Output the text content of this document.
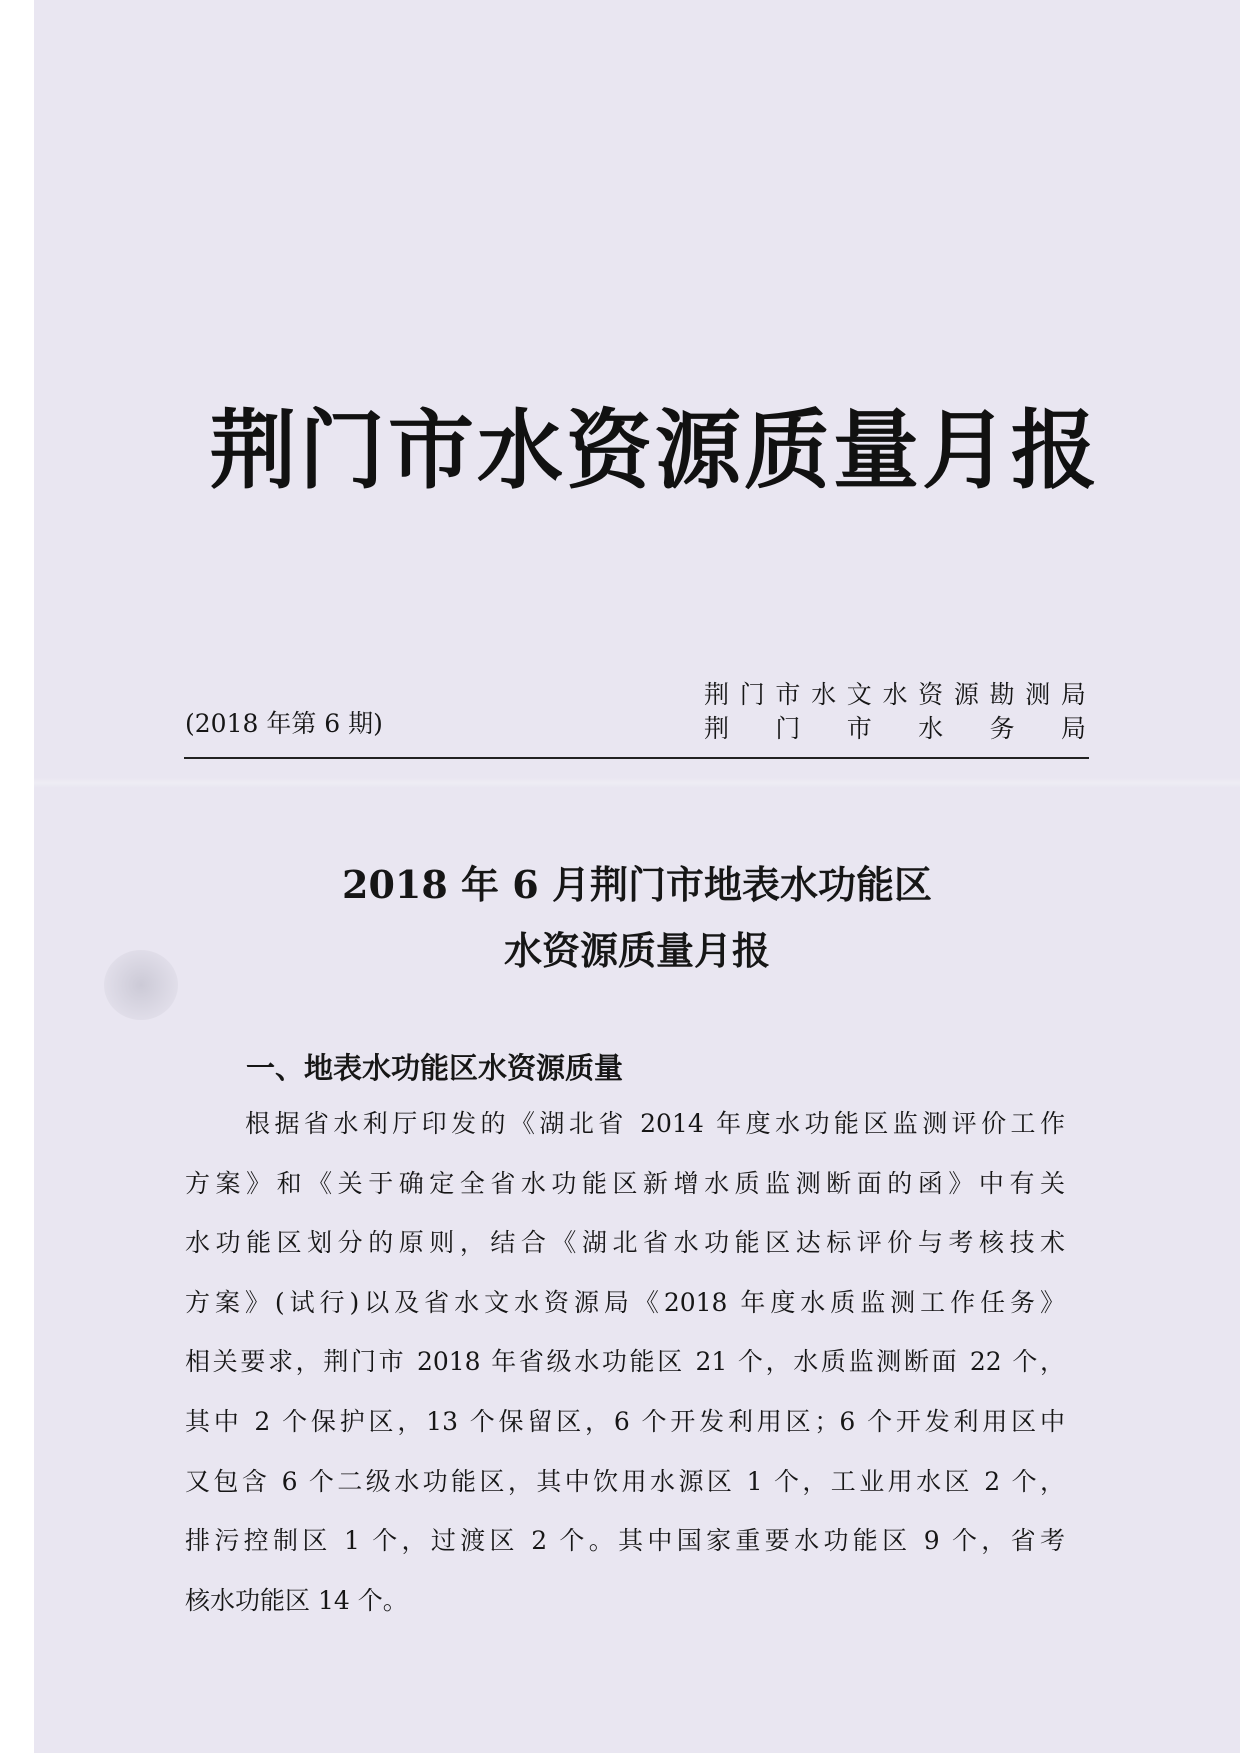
荆门市水资源质量月报
(2018 年第 6 期)
荆 门 市 水 文 水 资 源 勘 测 局
荆 门 市 水 务 局
2018 年 6 月荆门市地表水功能区
水资源质量月报
一、地表水功能区水资源质量
根据省水利厅印发的《湖北省 2014 年度水功能区监测评价工作
方案》和《关于确定全省水功能区新增水质监测断面的函》中有关
水功能区划分的原则，结合《湖北省水功能区达标评价与考核技术
方案》(试行)以及省水文水资源局《2018 年度水质监测工作任务》
相关要求，荆门市 2018 年省级水功能区 21 个，水质监测断面 22 个，
其中 2 个保护区，13 个保留区，6 个开发利用区；6 个开发利用区中
又包含 6 个二级水功能区，其中饮用水源区 1 个，工业用水区 2 个，
排污控制区 1 个，过渡区 2 个。其中国家重要水功能区 9 个，省考
核水功能区 14 个。
